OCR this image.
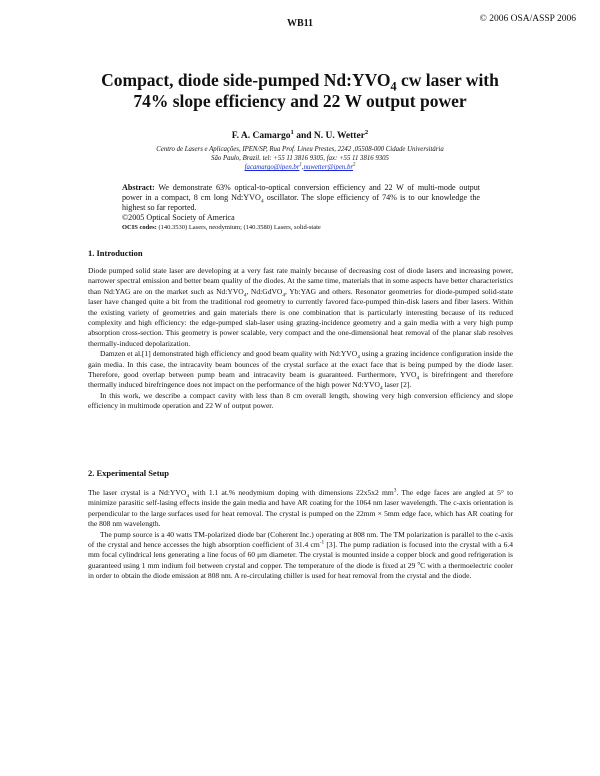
WB11	© 2006 OSA/ASSP 2006
Compact, diode side-pumped $Nd:YVO_4$ cw laser with
74% slope efficiency and 22 W output power
F. A. Camargo$^1$ and N. U. Wetter$^2$
Centro de Lasers e Aplicações, IPEN/SP, Rua Prof. Lineu Prestes, 2242 ,05508-000 Cidade Universitária
São Paulo, Brazil. tel: +55 11 3816 9305, fax: +55 11 3816 9305
$facamargo@ipen.br^1,nuwetter@ipen.br^2$

Abstract: We demonstrate 63% optical-to-optical conversion efficiency and 22 W of multi-mode output power in a compact, 8 cm long $Nd:YVO_4$ oscillator. The slope efficiency of 74% is to our knowledge the highest so far reported.

©2005 Optical Society of America

OCIS codes: (140.3530) Lasers, neodymium; (140.3580) Lasers, solid-state

1. Introduction

Diode pumped solid state laser are developing at a very fast rate mainly because of decreasing cost of diode lasers and increasing power, narrower spectral emission and better beam quality of the diodes. At the same time, materials that in some aspects have better characteristics than Nd:YAG are on the market such as $Nd:YVO_4$, Nd:GdVO$_4$, Yb:YAG and others. Resonator geometries for diode-pumped solid-state laser have changed quite a bit from the traditional rod geometry to currently favored face-pumped thin-disk lasers and fiber lasers. Within the existing variety of geometries and gain materials there is one combination that is particularly interesting because of its reduced complexity and high efficiency: the edge-pumped slab-laser using grazing-incidence geometry and a gain media with a very high pump absorption cross-section. This geometry is power scalable, very compact and the one-dimensional heat removal of the planar slab resolves thermally-induced depolarization.

Damzen et al.[1] demonstrated high efficiency and good beam quality with $Nd:YVO_4$ using a grazing incidence configuration inside the gain media. In this case, the intracavity beam bounces of the crystal surface at the exact face that is being pumped by the diode laser. Therefore, good overlap between pump beam and intracavity beam is guaranteed. Furthermore, $YVO_4$ is birefringent and therefore thermally induced birefringence does not impact on the performance of the high power $Nd:YVO_4$ laser [2].

In this work, we describe a compact cavity with less than 8 cm overall length, showing very high conversion efficiency and slope efficiency in multimode operation and 22 W of output power.

2. Experimental Setup

The laser crystal is a $Nd:YVO_4$ with 1.1 at.% neodymium doping with dimensions 22x5x2 $mm^3$. The edge faces are angled at 5° to minimize parasitic self-lasing effects inside the gain media and have AR coating for the 1064 nm laser wavelength. The c-axis orientation is perpendicular to the large surfaces used for heat removal. The crystal is pumped on the 22mm × 5mm edge face, which has AR coating for the 808 nm wavelength.

The pump source is a 40 watts TM-polarized diode bar (Coherent Inc.) operating at 808 nm. The TM polarization is parallel to the c-axis of the crystal and hence accesses the high absorption coefficient of 31.4 $cm^{-1}$ [3]. The pump radiation is focused into the crystal with a 6.4 mm focal cylindrical lens generating a line focus of 60 μm diameter. The crystal is mounted inside a copper block and good refrigeration is guaranteed using 1 mm indium foil between crystal and copper. The temperature of the diode is fixed at 29 $^o$C with a thermoelectric cooler in order to obtain the diode emission at 808 nm. A re-circulating chiller is used for heat removal from the crystal and the diode.
